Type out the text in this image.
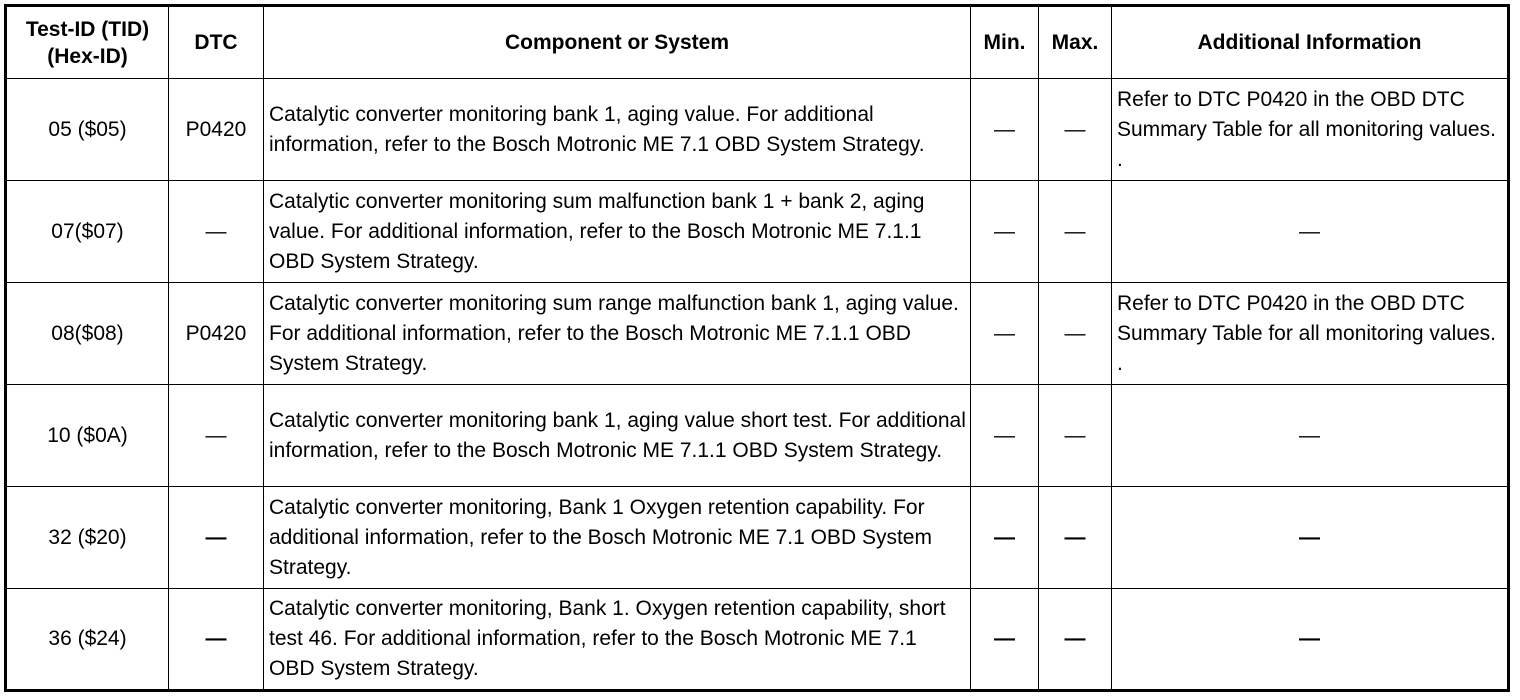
Test-ID (TID)
(Hex-ID)	DTC	Component or System	Min.	Max.	Additional Information
05 ($05)	P0420	Catalytic converter monitoring bank 1, aging value. For additional information, refer to the Bosch Motronic ME 7.1 OBD System Strategy.	—	—	Refer to DTC P0420 in the OBD DTC Summary Table for all monitoring values. .
07($07)	—	Catalytic converter monitoring sum malfunction bank 1 + bank 2, aging value. For additional information, refer to the Bosch Motronic ME 7.1.1 OBD System Strategy.	—	—	—
08($08)	P0420	Catalytic converter monitoring sum range malfunction bank 1, aging value. For additional information, refer to the Bosch Motronic ME 7.1.1 OBD System Strategy.	—	—	Refer to DTC P0420 in the OBD DTC Summary Table for all monitoring values. .
10 ($0A)	—	Catalytic converter monitoring bank 1, aging value short test. For additional information, refer to the Bosch Motronic ME 7.1.1 OBD System Strategy.	—	—	—
32 ($20)	—	Catalytic converter monitoring, Bank 1 Oxygen retention capability. For additional information, refer to the Bosch Motronic ME 7.1 OBD System Strategy.	—	—	—
36 ($24)	—	Catalytic converter monitoring, Bank 1. Oxygen retention capability, short test 46. For additional information, refer to the Bosch Motronic ME 7.1 OBD System Strategy.	—	—	—
